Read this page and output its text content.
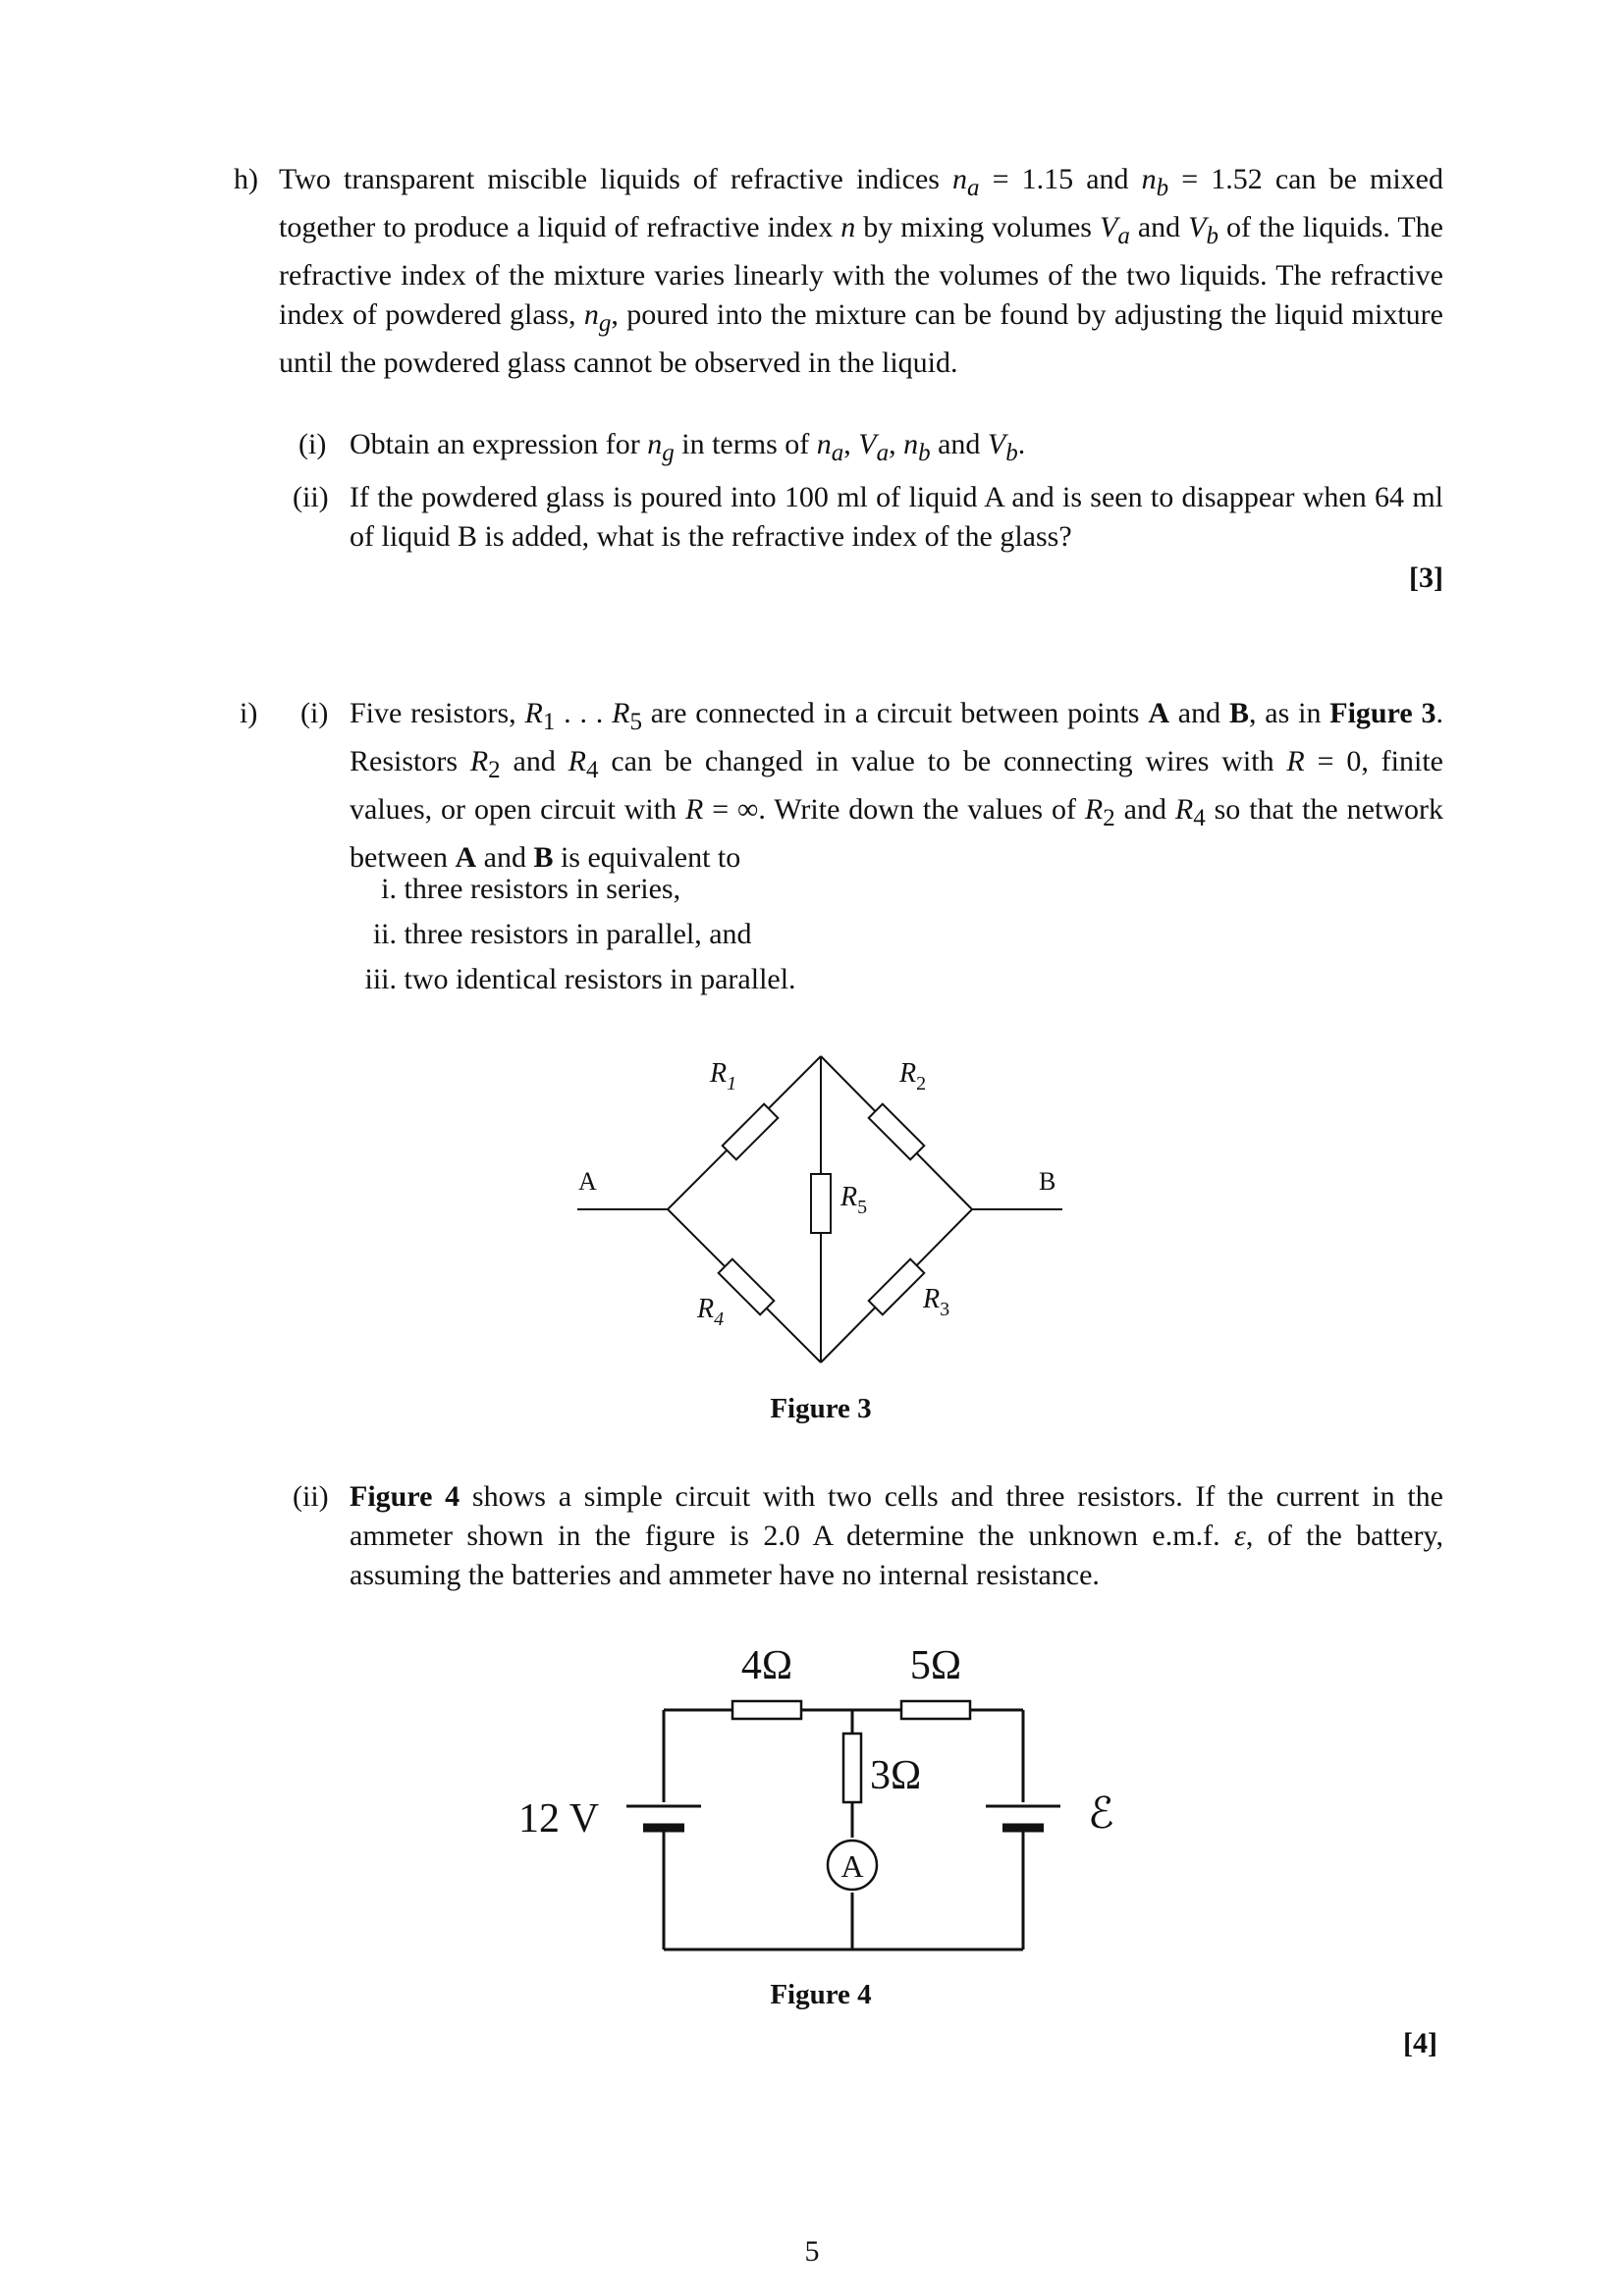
h) Two transparent miscible liquids of refractive indices $n_a = 1.15$ and $n_b = 1.52$ can be mixed together to produce a liquid of refractive index n by mixing volumes $V_a$ and $V_b$ of the liquids. The refractive index of the mixture varies linearly with the volumes of the two liquids. The refractive index of powdered glass, $n_g$, poured into the mixture can be found by adjusting the liquid mixture until the powdered glass cannot be observed in the liquid.
(i) Obtain an expression for $n_g$ in terms of $n_a$, $V_a$, $n_b$ and $V_b$.
(ii) If the powdered glass is poured into 100 ml of liquid A and is seen to disappear when 64 ml of liquid B is added, what is the refractive index of the glass?
[3]
i) (i) Five resistors, $R_1$ . . . $R_5$ are connected in a circuit between points A and B, as in Figure 3. Resistors $R_2$ and $R_4$ can be changed in value to be connecting wires with R = 0, finite values, or open circuit with R = ∞. Write down the values of $R_2$ and $R_4$ so that the network between A and B is equivalent to
i. three resistors in series,
ii. three resistors in parallel, and
iii. two identical resistors in parallel.
A	B
$R_1$	$R_2$
$R_5$
$R_4$
$R_3$
Figure 3
(ii) Figure 4 shows a simple circuit with two cells and three resistors. If the current in the ammeter shown in the figure is 2.0 A determine the unknown e.m.f. ε, of the battery, assuming the batteries and ammeter have no internal resistance.
A
4Ω	5Ω
3Ω
12 V	ℰ
Figure 4
[4]
5
